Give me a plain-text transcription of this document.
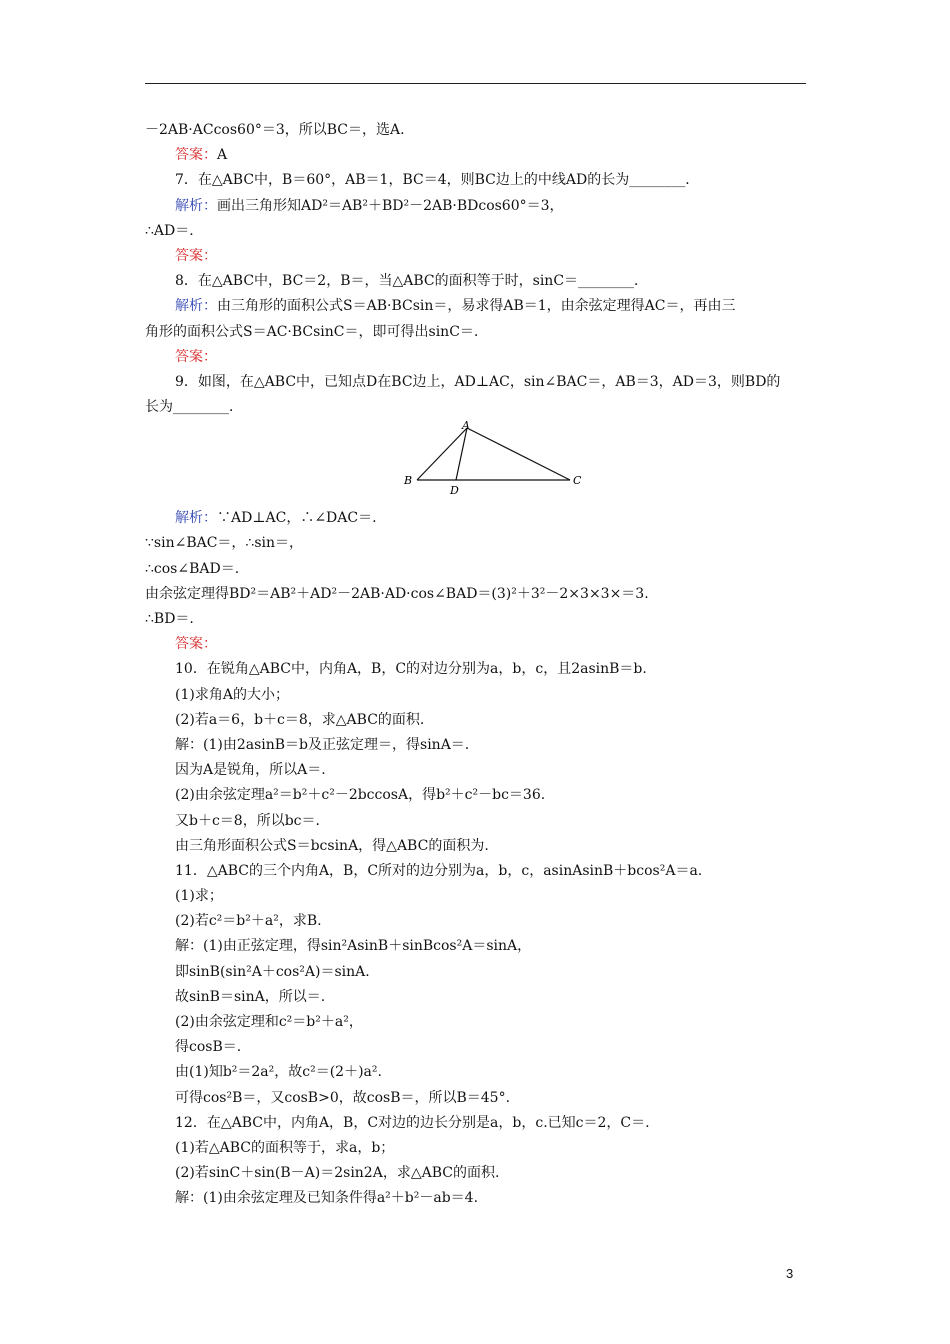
－2AB·ACcos60°＝3，所以BC＝，选A.
答案：A
7．在△ABC中，B＝60°，AB＝1，BC＝4，则BC边上的中线AD的长为________．
解析：画出三角形知AD²＝AB²＋BD²－2AB·BDcos60°＝3，
∴AD＝.
答案：
8．在△ABC中，BC＝2，B＝，当△ABC的面积等于时，sinC＝________．
解析：由三角形的面积公式S＝AB·BCsin＝，易求得AB＝1，由余弦定理得AC＝，再由三
角形的面积公式S＝AC·BCsinC＝，即可得出sinC＝.
答案：
9．如图，在△ABC中，已知点D在BC边上，AD⊥AC，sin∠BAC＝，AB＝3，AD＝3，则BD的
长为________．
A
B	C
D
解析：∵AD⊥AC，∴∠DAC＝.
∵sin∠BAC＝，∴sin＝，
∴cos∠BAD＝.
由余弦定理得BD²＝AB²＋AD²－2AB·AD·cos∠BAD＝(3)²＋3²－2×3×3×＝3.
∴BD＝.
答案：
10．在锐角△ABC中，内角A，B，C的对边分别为a，b，c，且2asinB＝b.
(1)求角A的大小；
(2)若a＝6，b＋c＝8，求△ABC的面积.
解：(1)由2asinB＝b及正弦定理＝，得sinA＝.
因为A是锐角，所以A＝.
(2)由余弦定理a²＝b²＋c²－2bccosA，得b²＋c²－bc＝36.
又b＋c＝8，所以bc＝.
由三角形面积公式S＝bcsinA，得△ABC的面积为.
11．△ABC的三个内角A，B，C所对的边分别为a，b，c，asinAsinB＋bcos²A＝a.
(1)求；
(2)若c²＝b²＋a²，求B.
解：(1)由正弦定理，得sin²AsinB＋sinBcos²A＝sinA，
即sinB(sin²A＋cos²A)＝sinA.
故sinB＝sinA，所以＝.
(2)由余弦定理和c²＝b²＋a²，
得cosB＝.
由(1)知b²＝2a²，故c²＝(2＋)a².
可得cos²B＝，又cosB>0，故cosB＝，所以B＝45°.
12．在△ABC中，内角A，B，C对边的边长分别是a，b，c.已知c＝2，C＝.
(1)若△ABC的面积等于，求a，b；
(2)若sinC＋sin(B－A)＝2sin2A，求△ABC的面积.
解：(1)由余弦定理及已知条件得a²＋b²－ab＝4.
3
